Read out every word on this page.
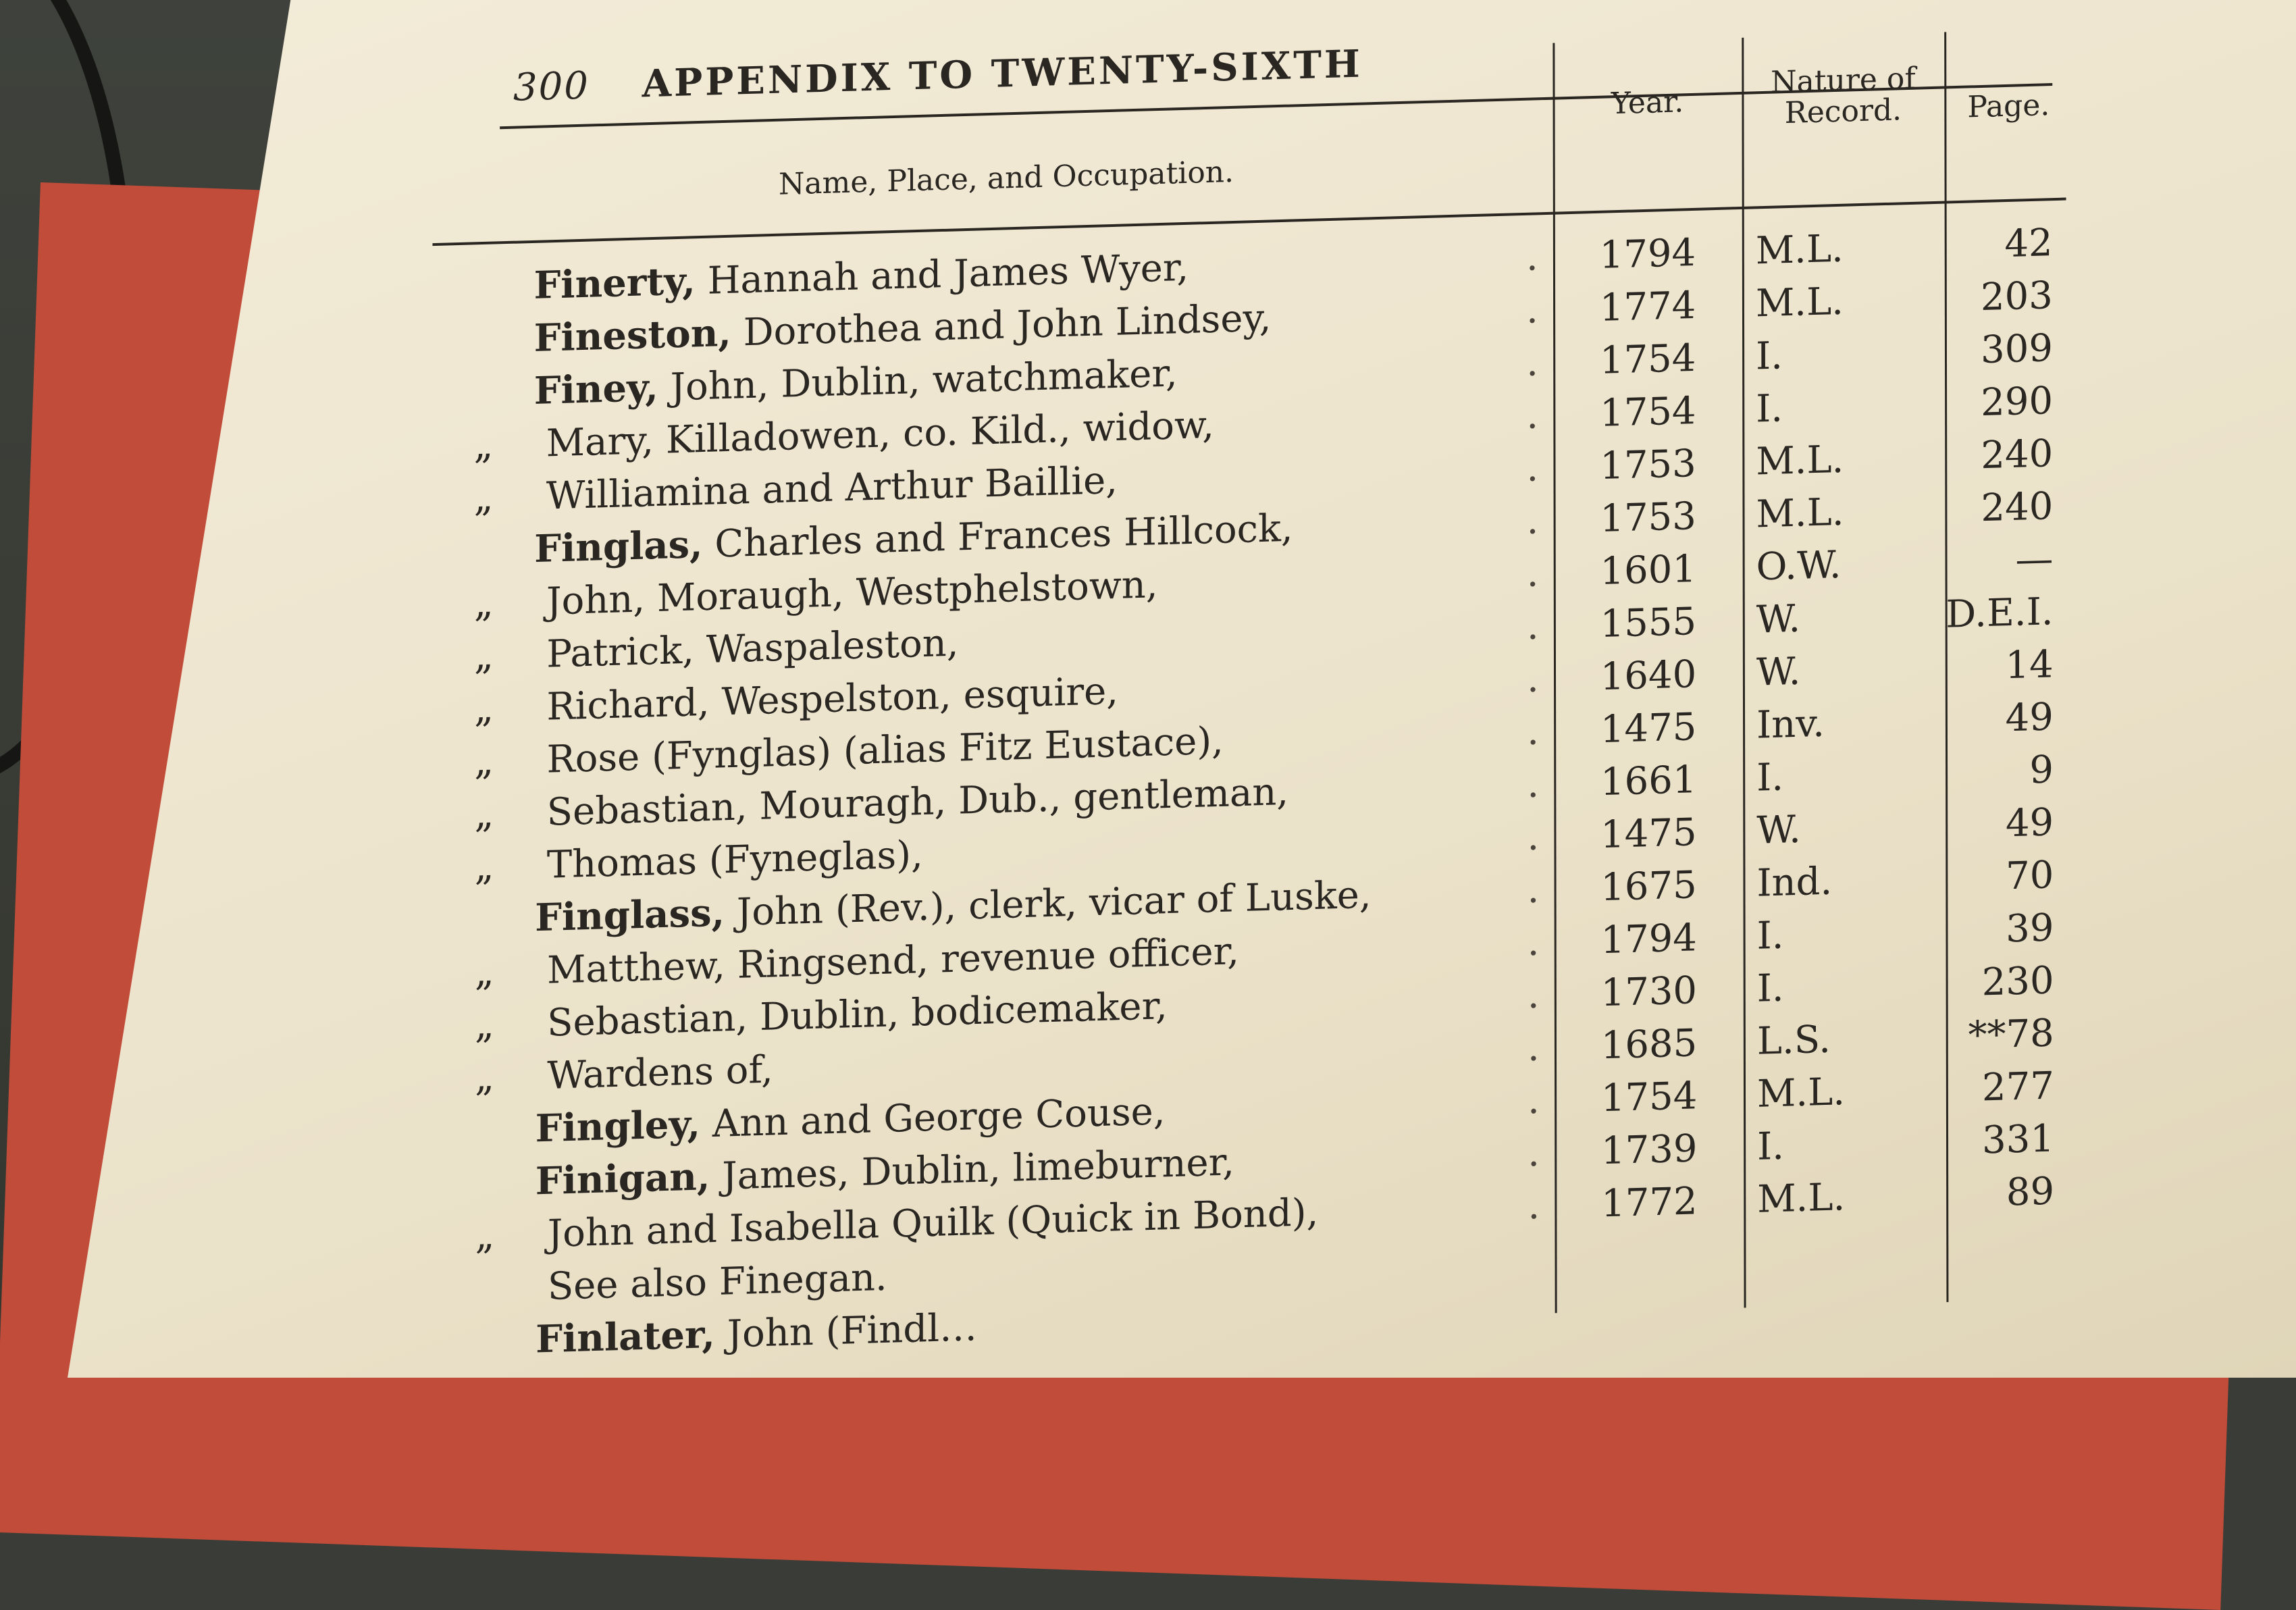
300 APPENDIX TO TWENTY-SIXTH
Name, Place, and Occupation.
Year.
Nature of Record.	Page.
Finerty, Hannah and James Wyer,	.	1794	M.L.	42
Fineston, Dorothea and John Lindsey,	.	1774	M.L.	203
Finey, John, Dublin, watchmaker,	.	1754	I.	309
„ Mary, Killadowen, co. Kild., widow,	.	1754	I.	290
„ Williamina and Arthur Baillie,	.	1753	M.L.	240
Finglas, Charles and Frances Hillcock,	.	1753	M.L.	240
„ John, Moraugh, Westphelstown,	.	1601	O.W.	—
„ Patrick, Waspaleston,	.	1555	W.	D.E.I.
„ Richard, Wespelston, esquire,	.	1640	W.	14
„ Rose (Fynglas) (alias Fitz Eustace),	.	1475	Inv.	49
„ Sebastian, Mouragh, Dub., gentleman,	.	1661	I.	9
„ Thomas (Fyneglas),	.	1475	W.	49
Finglass, John (Rev.), clerk, vicar of Luske,	.	1675	Ind.	70
„ Matthew, Ringsend, revenue officer,	.	1794	I.	39
„ Sebastian, Dublin, bodicemaker,	.	1730	I.	230
„ Wardens of,	.	1685	L.S.	**78
Fingley, Ann and George Couse,	.	1754	M.L.	277
Finigan, James, Dublin, limeburner,	.	1739	I.	331
„ John and Isabella Quilk (Quick in Bond),	.	1772	M.L.	89
See also Finegan.
Finlater, John (Findl…
